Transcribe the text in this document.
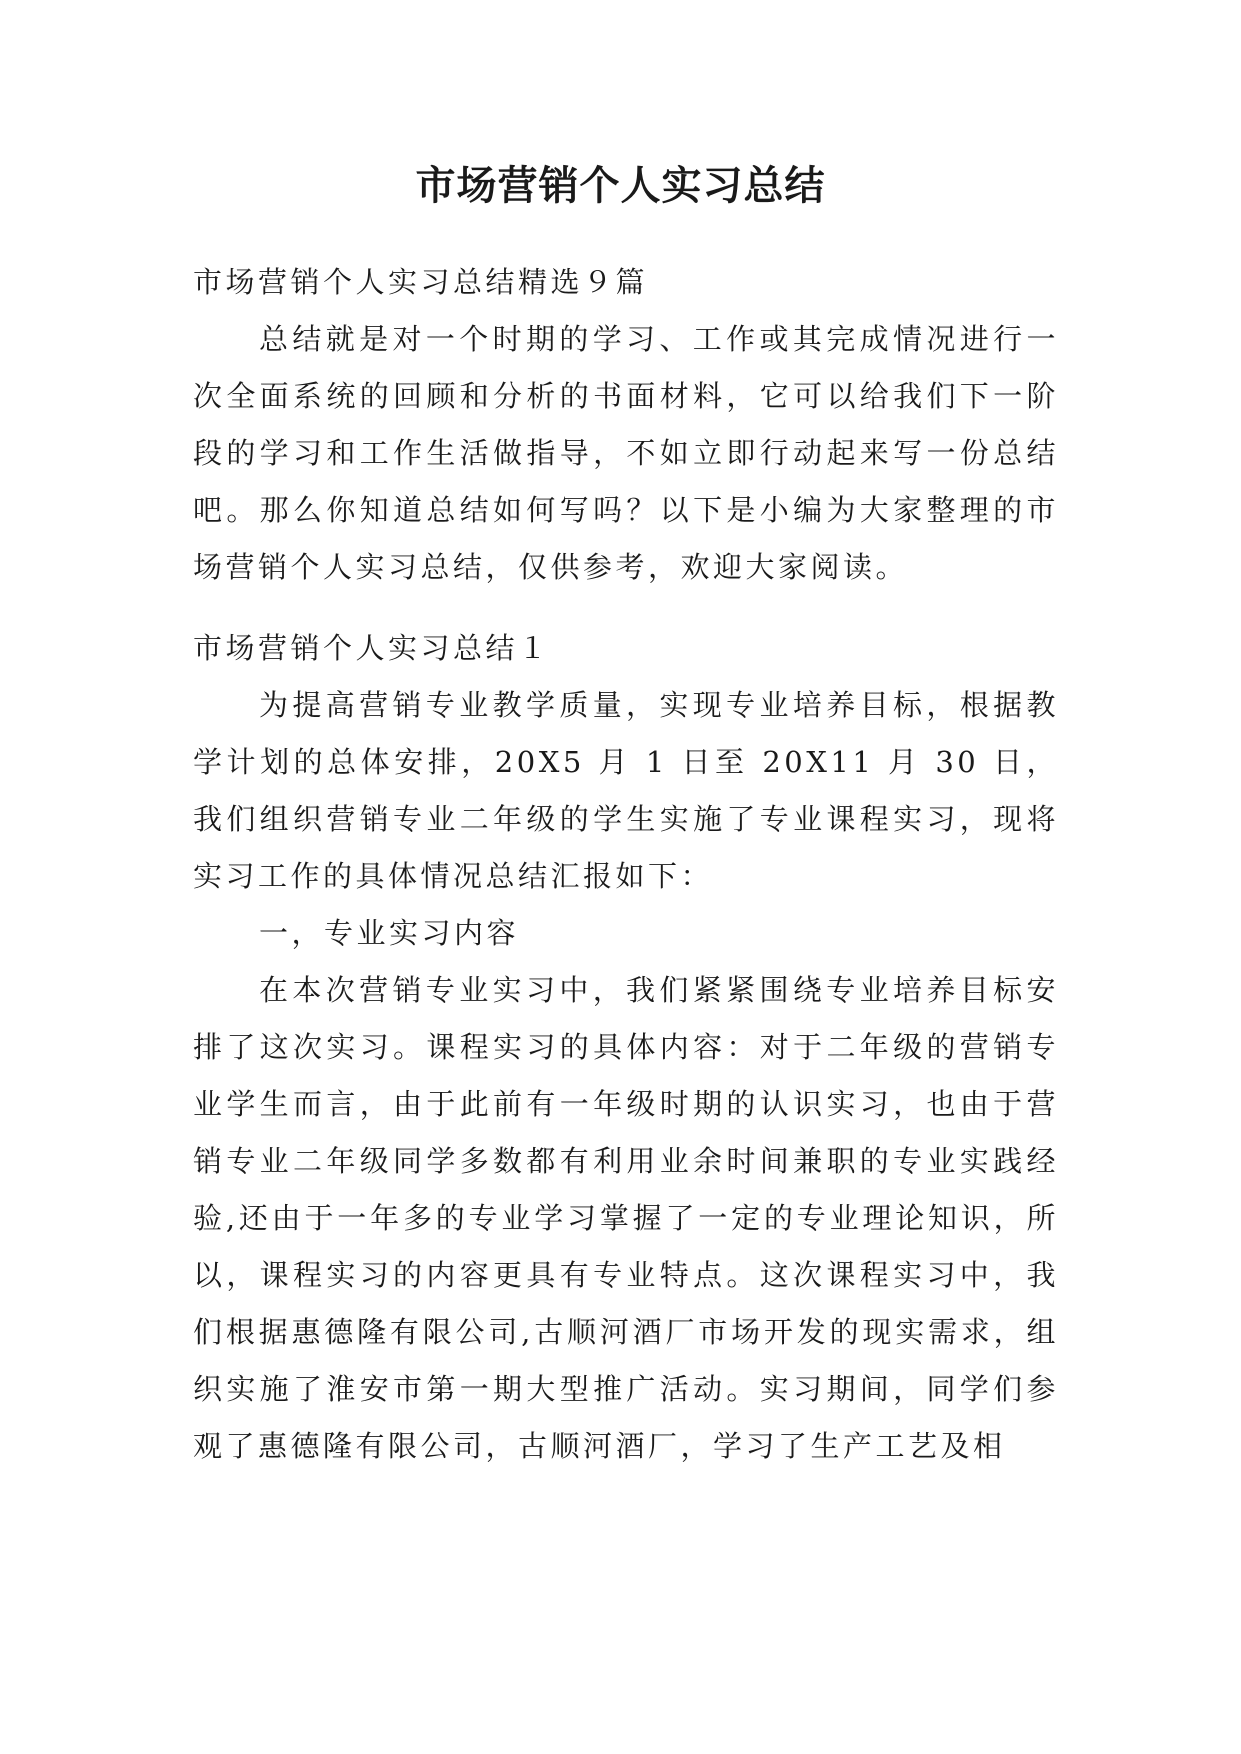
市场营销个人实习总结
市场营销个人实习总结精选９篇

总结就是对一个时期的学习、工作或其完成情况进行一次全面系统的回顾和分析的书面材料，它可以给我们下一阶段的学习和工作生活做指导，不如立即行动起来写一份总结吧。那么你知道总结如何写吗？以下是小编为大家整理的市场营销个人实习总结，仅供参考，欢迎大家阅读。

市场营销个人实习总结１

为提高营销专业教学质量，实现专业培养目标，根据教学计划的总体安排，20X5 月 1 日至 20X11 月 30 日，我们组织营销专业二年级的学生实施了专业课程实习，现将实习工作的具体情况总结汇报如下：

一，专业实习内容

在本次营销专业实习中，我们紧紧围绕专业培养目标安排了这次实习。课程实习的具体内容：对于二年级的营销专业学生而言，由于此前有一年级时期的认识实习，也由于营销专业二年级同学多数都有利用业余时间兼职的专业实践经验,还由于一年多的专业学习掌握了一定的专业理论知识，所以，课程实习的内容更具有专业特点。这次课程实习中，我们根据惠德隆有限公司,古顺河酒厂市场开发的现实需求，组织实施了淮安市第一期大型推广活动。实习期间，同学们参观了惠德隆有限公司，古顺河酒厂，学习了生产工艺及相
